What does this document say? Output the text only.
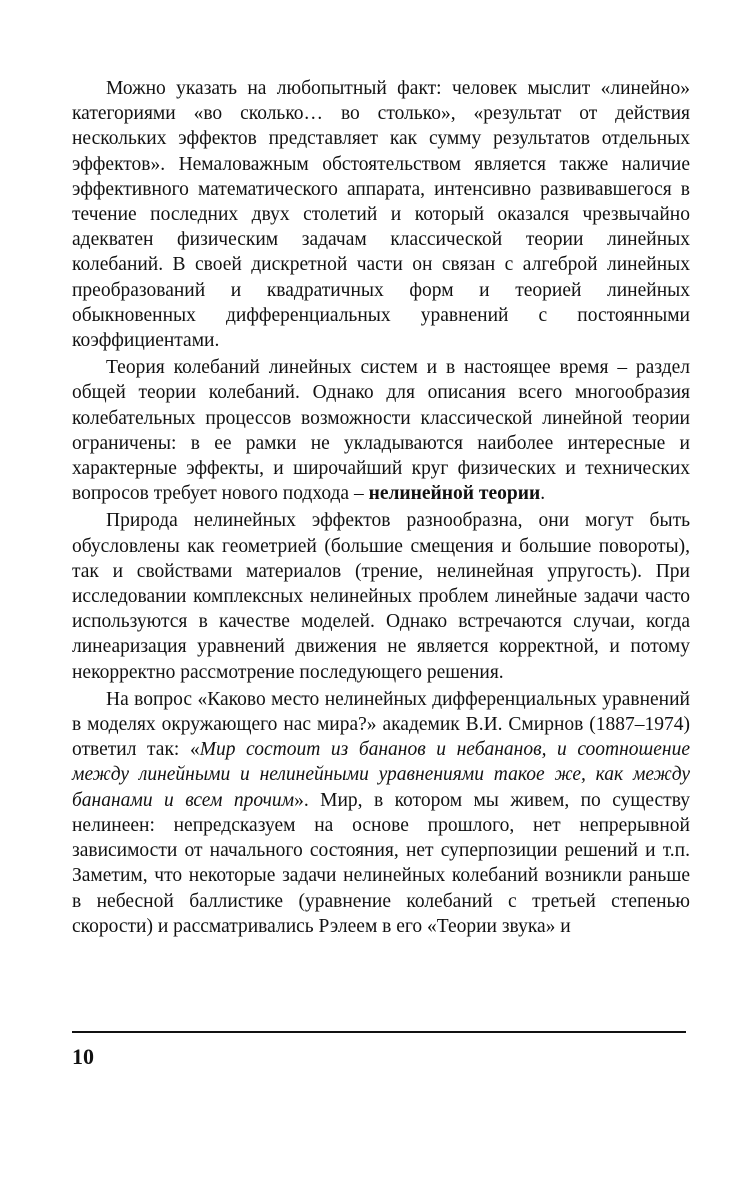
Можно указать на любопытный факт: человек мыслит «линейно» категориями «во сколько… во столько», «результат от действия нескольких эффектов представляет как сумму результатов отдельных эффектов». Немаловажным обстоятельством является также наличие эффективного математического аппарата, интенсивно развивавшегося в течение последних двух столетий и который оказался чрезвычайно адекватен физическим задачам классической теории линейных колебаний. В своей дискретной части он связан с алгеброй линейных преобразований и квадратичных форм и теорией линейных обыкновенных дифференциальных уравнений с постоянными коэффициентами.

Теория колебаний линейных систем и в настоящее время – раздел общей теории колебаний. Однако для описания всего многообразия колебательных процессов возможности классической линейной теории ограничены: в ее рамки не укладываются наиболее интересные и характерные эффекты, и широчайший круг физических и технических вопросов требует нового подхода – нелинейной теории.

Природа нелинейных эффектов разнообразна, они могут быть обусловлены как геометрией (большие смещения и большие повороты), так и свойствами материалов (трение, нелинейная упругость). При исследовании комплексных нелинейных проблем линейные задачи часто используются в качестве моделей. Однако встречаются случаи, когда линеаризация уравнений движения не является корректной, и потому некорректно рассмотрение последующего решения.

На вопрос «Каково место нелинейных дифференциальных уравнений в моделях окружающего нас мира?» академик В.И. Смирнов (1887–1974) ответил так: «Мир состоит из бананов и небананов, и соотношение между линейными и нелинейными уравнениями такое же, как между бананами и всем прочим». Мир, в котором мы живем, по существу нелинеен: непредсказуем на основе прошлого, нет непрерывной зависимости от начального состояния, нет суперпозиции решений и т.п. Заметим, что некоторые задачи нелинейных колебаний возникли раньше в небесной баллистике (уравнение колебаний с третьей степенью скорости) и рассматривались Рэлеем в его «Теории звука» и

10
